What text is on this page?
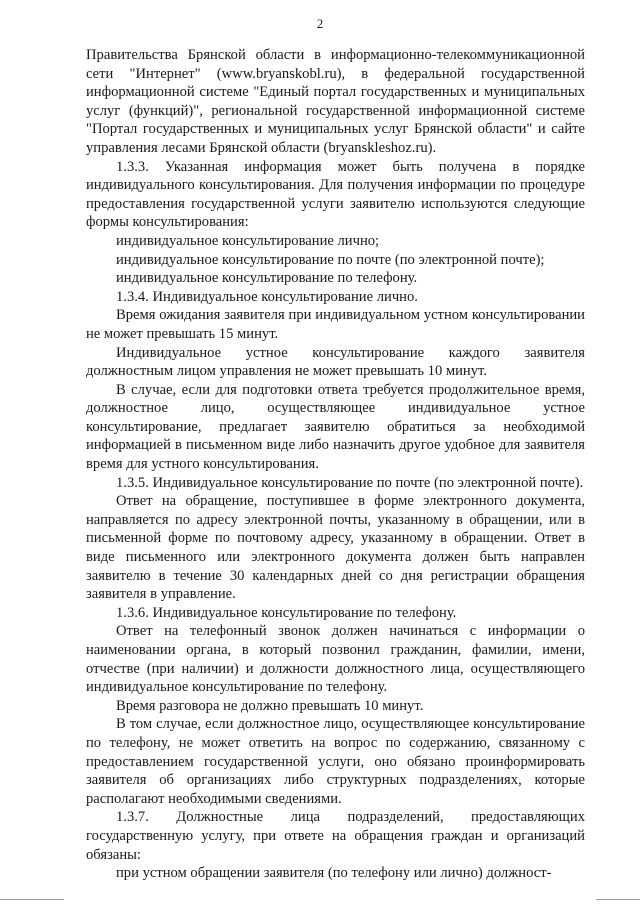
2

Правительства Брянской области в информационно-телекоммуникационной сети "Интернет" (www.bryanskobl.ru), в федеральной государственной информационной системе "Единый портал государственных и муниципальных услуг (функций)", региональной государственной информационной системе "Портал государственных и муниципальных услуг Брянской области" и сайте управления лесами Брянской области (bryanskleshoz.ru).

1.3.3. Указанная информация может быть получена в порядке индивидуального консультирования. Для получения информации по процедуре предоставления государственной услуги заявителю используются следующие формы консультирования:

индивидуальное консультирование лично;

индивидуальное консультирование по почте (по электронной почте);

индивидуальное консультирование по телефону.

1.3.4. Индивидуальное консультирование лично.

Время ожидания заявителя при индивидуальном устном консультировании не может превышать 15 минут.

Индивидуальное устное консультирование каждого заявителя должностным лицом управления не может превышать 10 минут.

В случае, если для подготовки ответа требуется продолжительное время, должностное лицо, осуществляющее индивидуальное устное консультирование, предлагает заявителю обратиться за необходимой информацией в письменном виде либо назначить другое удобное для заявителя время для устного консультирования.

1.3.5. Индивидуальное консультирование по почте (по электронной почте).

Ответ на обращение, поступившее в форме электронного документа, направляется по адресу электронной почты, указанному в обращении, или в письменной форме по почтовому адресу, указанному в обращении. Ответ в виде письменного или электронного документа должен быть направлен заявителю в течение 30 календарных дней со дня регистрации обращения заявителя в управление.

1.3.6. Индивидуальное консультирование по телефону.

Ответ на телефонный звонок должен начинаться с информации о наименовании органа, в который позвонил гражданин, фамилии, имени, отчестве (при наличии) и должности должностного лица, осуществляющего индивидуальное консультирование по телефону.

Время разговора не должно превышать 10 минут.

В том случае, если должностное лицо, осуществляющее консультирование по телефону, не может ответить на вопрос по содержанию, связанному с предоставлением государственной услуги, оно обязано проинформировать заявителя об организациях либо структурных подразделениях, которые располагают необходимыми сведениями.

1.3.7. Должностные лица подразделений, предоставляющих государственную услугу, при ответе на обращения граждан и организаций обязаны:

при устном обращении заявителя (по телефону или лично) должност-
